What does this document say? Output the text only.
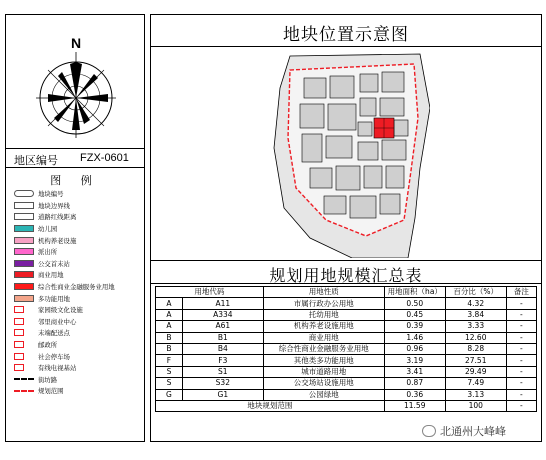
地块位置示意图
N
地区编号 FZX-0601
图 例
地块编号
地块边界线
道路红线距离
幼儿园
机构养老设施
派出所
公交首末站
商业用地
综合性商业金融服务业用地
多功能用地
家园级文化设施
邻里商业中心
末端配送点
邮政所
社会停车场
有线电视基站
街坊路
规划范围
规划用地规模汇总表
用地代码		用地性质	用地面积（ha）	百分比（%）	备注
A	A11	市属行政办公用地	0.50	4.32	-
A	A334	托幼用地	0.45	3.84	-
A	A61	机构养老设施用地	0.39	3.33	-
B	B1	商业用地	1.46	12.60	-
B	B4	综合性商业金融服务业用地	0.96	8.28	-
F	F3	其他类多功能用地	3.19	27.51	-
S	S1	城市道路用地	3.41	29.49	-
S	S32	公交场站设施用地	0.87	7.49	-
G	G1	公园绿地	0.36	3.13	-
地块规划范围			11.59	100	-
北通州大峰峰
